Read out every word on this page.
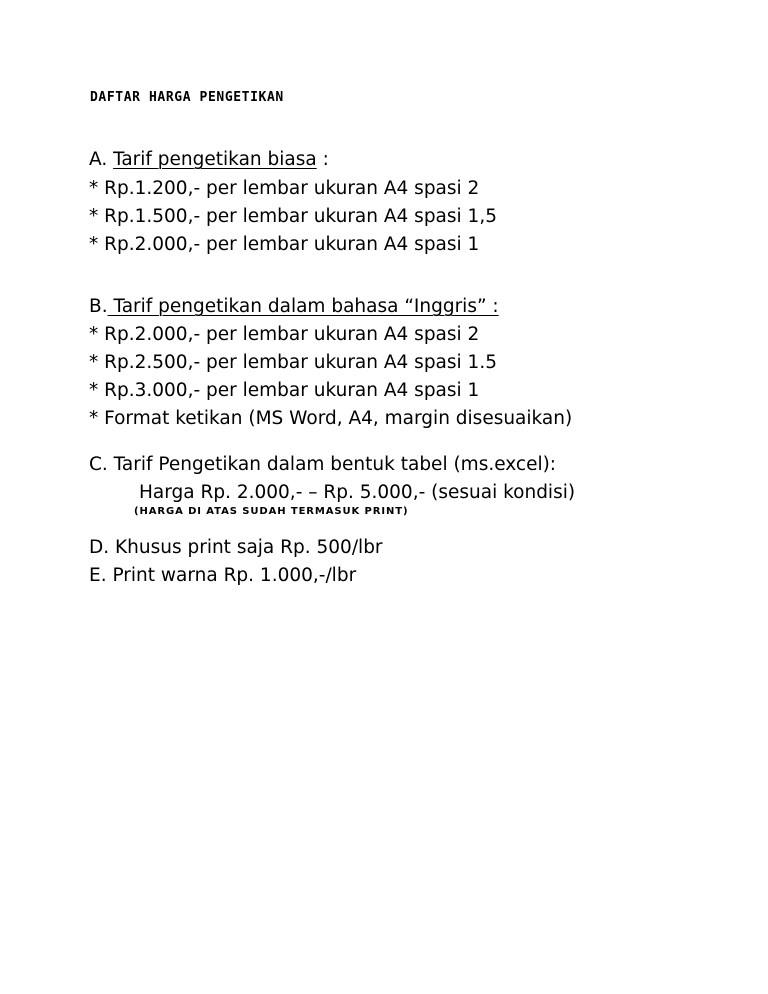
DAFTAR HARGA PENGETIKAN
A. Tarif pengetikan biasa :
* Rp.1.200,- per lembar ukuran A4 spasi 2
* Rp.1.500,- per lembar ukuran A4 spasi 1,5
* Rp.2.000,- per lembar ukuran A4 spasi 1
B. Tarif pengetikan dalam bahasa “Inggris” :
* Rp.2.000,- per lembar ukuran A4 spasi 2
* Rp.2.500,- per lembar ukuran A4 spasi 1.5
* Rp.3.000,- per lembar ukuran A4 spasi 1
* Format ketikan (MS Word, A4, margin disesuaikan)
C. Tarif Pengetikan dalam bentuk tabel (ms.excel):
Harga Rp. 2.000,- – Rp. 5.000,- (sesuai kondisi)
(HARGA DI ATAS SUDAH TERMASUK PRINT)
D. Khusus print saja Rp. 500/lbr
E. Print warna Rp. 1.000,-/lbr
